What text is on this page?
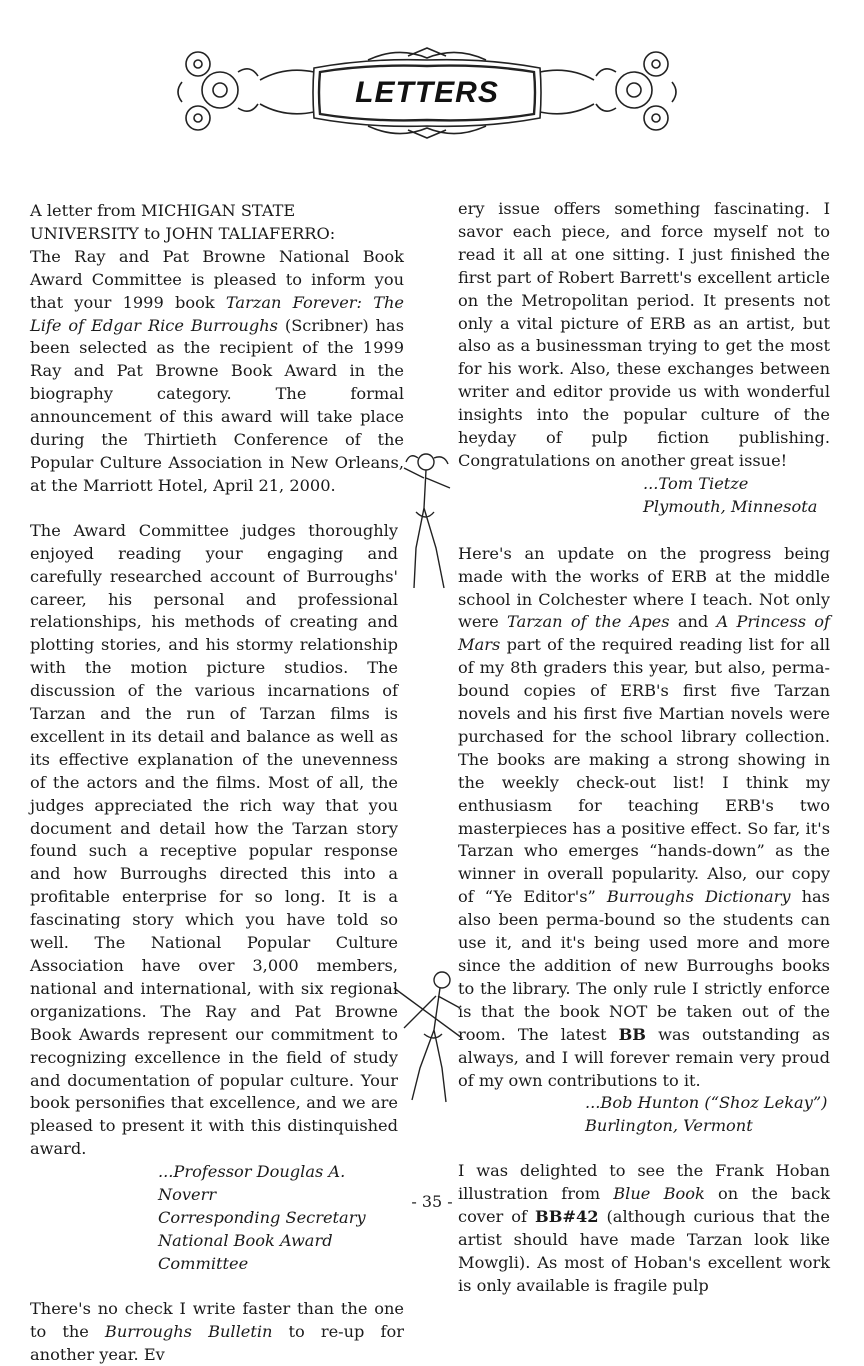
LETTERS

A letter from MICHIGAN STATE UNIVERSITY to JOHN TALIAFERRO:

The Ray and Pat Browne National Book Award Committee is pleased to inform you that your 1999 book Tarzan Forever: The Life of Edgar Rice Burroughs (Scribner) has been selected as the recipient of the 1999 Ray and Pat Browne Book Award in the biography category. The formal announcement of this award will take place during the Thirtieth Conference of the Popular Culture Association in New Orleans, at the Marriott Hotel, April 21, 2000.

The Award Committee judges thoroughly enjoyed reading your engaging and carefully researched account of Burroughs' career, his personal and professional relationships, his methods of creating and plotting stories, and his stormy relationship with the motion picture studios. The discussion of the various incarnations of Tarzan and the run of Tarzan films is excellent in its detail and balance as well as its effective explanation of the unevenness of the actors and the films. Most of all, the judges appreciated the rich way that you document and detail how the Tarzan story found such a receptive popular response and how Burroughs directed this into a profitable enterprise for so long. It is a fascinating story which you have told so well. The National Popular Culture Association have over 3,000 members, national and international, with six regional organizations. The Ray and Pat Browne Book Awards represent our commitment to recognizing excellence in the field of study and documentation of popular culture. Your book personifies that excellence, and we are pleased to present it with this distinquished award.

...Professor Douglas A. Noverr

Corresponding Secretary

National Book Award Committee

There's no check I write faster than the one to the Burroughs Bulletin to re-up for another year. Ev

ery issue offers something fascinating. I savor each piece, and force myself not to read it all at one sitting. I just finished the first part of Robert Barrett's excellent article on the Metropolitan period. It presents not only a vital picture of ERB as an artist, but also as a businessman trying to get the most for his work. Also, these exchanges between writer and editor provide us with wonderful insights into the popular culture of the heyday of pulp fiction publishing. Congratulations on another great issue!

...Tom Tietze

Plymouth, Minnesota

Here's an update on the progress being made with the works of ERB at the middle school in Colchester where I teach. Not only were Tarzan of the Apes and A Princess of Mars part of the required reading list for all of my 8th graders this year, but also, perma-bound copies of ERB's first five Tarzan novels and his first five Martian novels were purchased for the school library collection. The books are making a strong showing in the weekly check-out list! I think my enthusiasm for teaching ERB's two masterpieces has a positive effect. So far, it's Tarzan who emerges “hands-down” as the winner in overall popularity. Also, our copy of “Ye Editor's” Burroughs Dictionary has also been perma-bound so the students can use it, and it's being used more and more since the addition of new Burroughs books to the library. The only rule I strictly enforce is that the book NOT be taken out of the room. The latest BB was outstanding as always, and I will forever remain very proud of my own contributions to it.

...Bob Hunton (“Shoz Lekay”)

Burlington, Vermont

I was delighted to see the Frank Hoban illustration from Blue Book on the back cover of BB#42 (although curious that the artist should have made Tarzan look like Mowgli). As most of Hoban's excellent work is only available is fragile pulp

- 35 -
